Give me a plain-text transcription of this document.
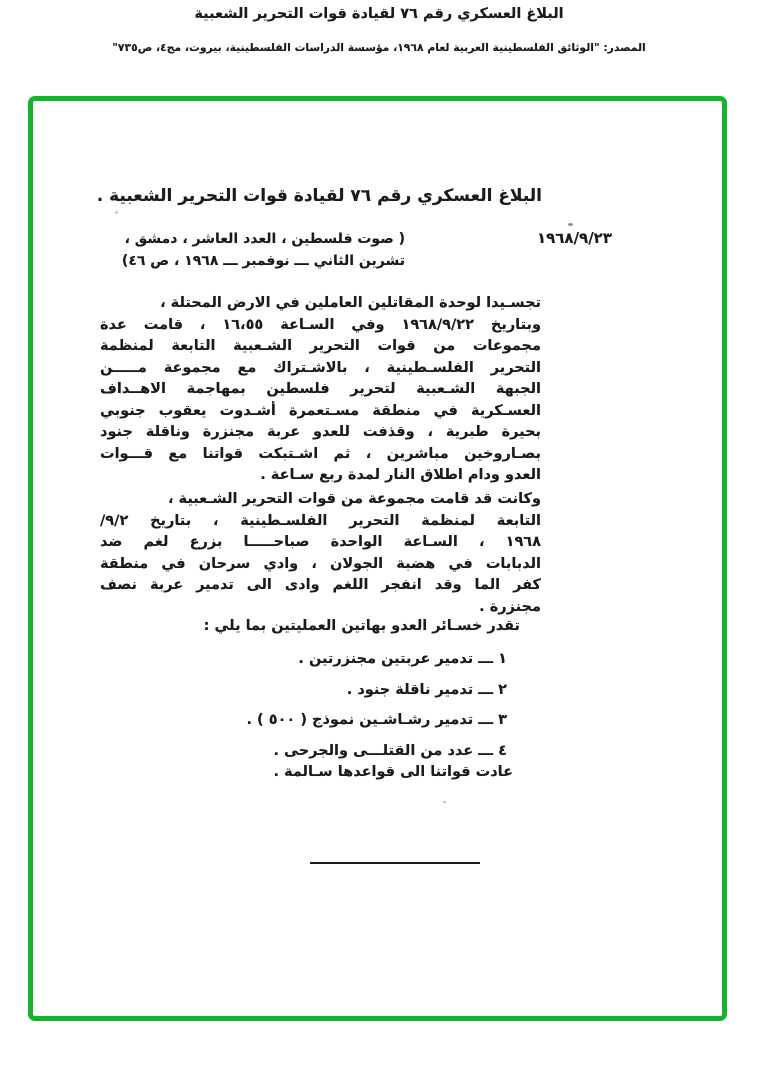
البلاغ العسكري رقم ٧٦ لقيادة قوات التحرير الشعبية
المصدر: "الوثائق الفلسطينية العربية لعام ١٩٦٨، مؤسسة الدراسات الفلسطينية، بيروت، مج٤، ص٧٣٥"
البلاغ العسكري رقم ٧٦ لقيادة قوات التحرير الشعبية .
١٩٦٨/٩/٢٣
( صوت فلسطين ، العدد العاشر ، دمشق ،
تشرين الثاني ـــ نوفمبر ـــ ١٩٦٨ ، ص ٤٦)
تجسـيدا لوحدة المقاتلين العاملين في الارض المحتلة ،
وبتاريخ ١٩٦٨/٩/٢٢ وفي السـاعة ١٦،٥٥ ، قامت عدة
مجموعات من قوات التحرير الشـعبية التابعة لمنظمة
التحرير الفلسـطينية ، بالاشـتراك مع مجموعة مـــــن
الجبهة الشـعبية لتحرير فلسطين بمهاجمة الاهــداف
العسـكرية في منطقة مسـتعمرة أشـدوت يعقوب جنوبي
بحيرة طبرية ، وقذفت للعدو عربة مجنزرة وناقلة جنود
بصـاروخين مباشرين ، ثم اشـتبكت قواتنا مع قـــوات
العدو ودام اطلاق النار لمدة ربع سـاعة .
وكانت قد قامت مجموعة من قوات التحرير الشـعبية ،
التابعة لمنظمة التحرير الفلسـطينية ، بتاريخ ٩/٢/
١٩٦٨ ، السـاعة الواحدة صباحـــــا بزرع لغم ضد
الدبابات في هضبة الجولان ، وادي سرحان في منطقة
كفر الما وقد انفجر اللغم وادى الى تدمير عربة نصف
مجنزرة .
تقدر خسـائر العدو بهاتين العمليتين بما يلي :
١ ـــ تدمير عربتين مجنزرتين .
٢ ـــ تدمير ناقلة جنود .
٣ ـــ تدمير رشـاشـين نموذج ( ٥٠٠ ) .
٤ ـــ عدد من القتلـــى والجرحى .
عادت قواتنا الى قواعدها سـالمة .
